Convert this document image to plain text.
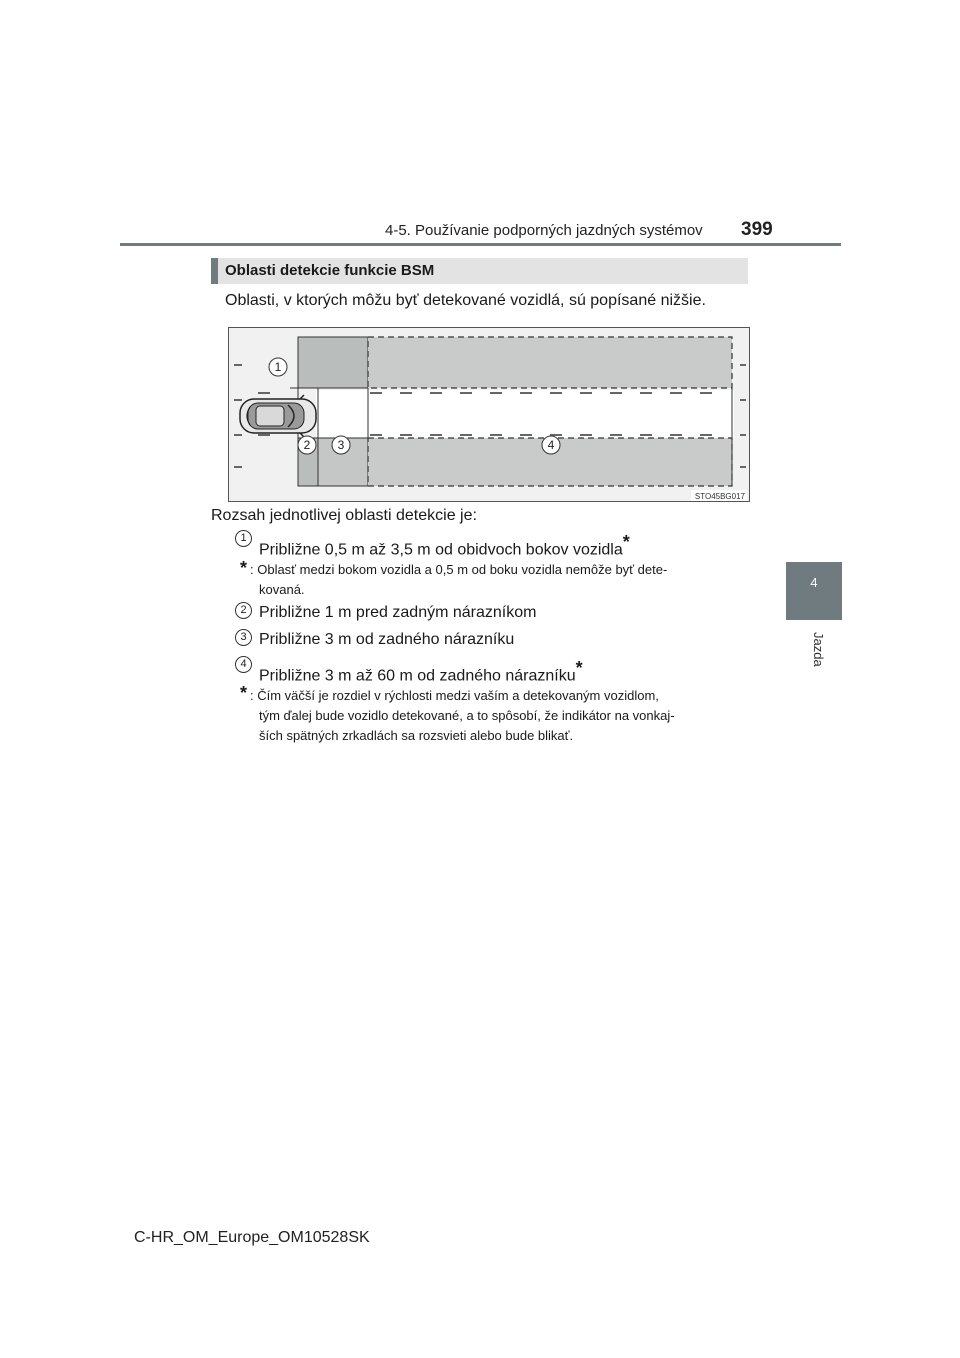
4-5. Používanie podporných jazdných systémov 399
4
Jazda
Oblasti detekcie funkcie BSM
Oblasti, v ktorých môžu byť detekované vozidlá, sú popísané nižšie.
1
2 3	4
STO45BG017
Rozsah jednotlivej oblasti detekcie je:
1
Približne 0,5 m až 3,5 m od obidvoch bokov vozidla*
* : Oblasť medzi bokom vozidla a 0,5 m od boku vozidla nemôže byť dete-
kovaná.
2 Približne 1 m pred zadným nárazníkom
3 Približne 3 m od zadného nárazníku
4
Približne 3 m až 60 m od zadného nárazníku*
* : Čím väčší je rozdiel v rýchlosti medzi vaším a detekovaným vozidlom,
tým ďalej bude vozidlo detekované, a to spôsobí, že indikátor na vonkaj-
ších spätných zrkadlách sa rozsvieti alebo bude blikať.
C-HR_OM_Europe_OM10528SK
